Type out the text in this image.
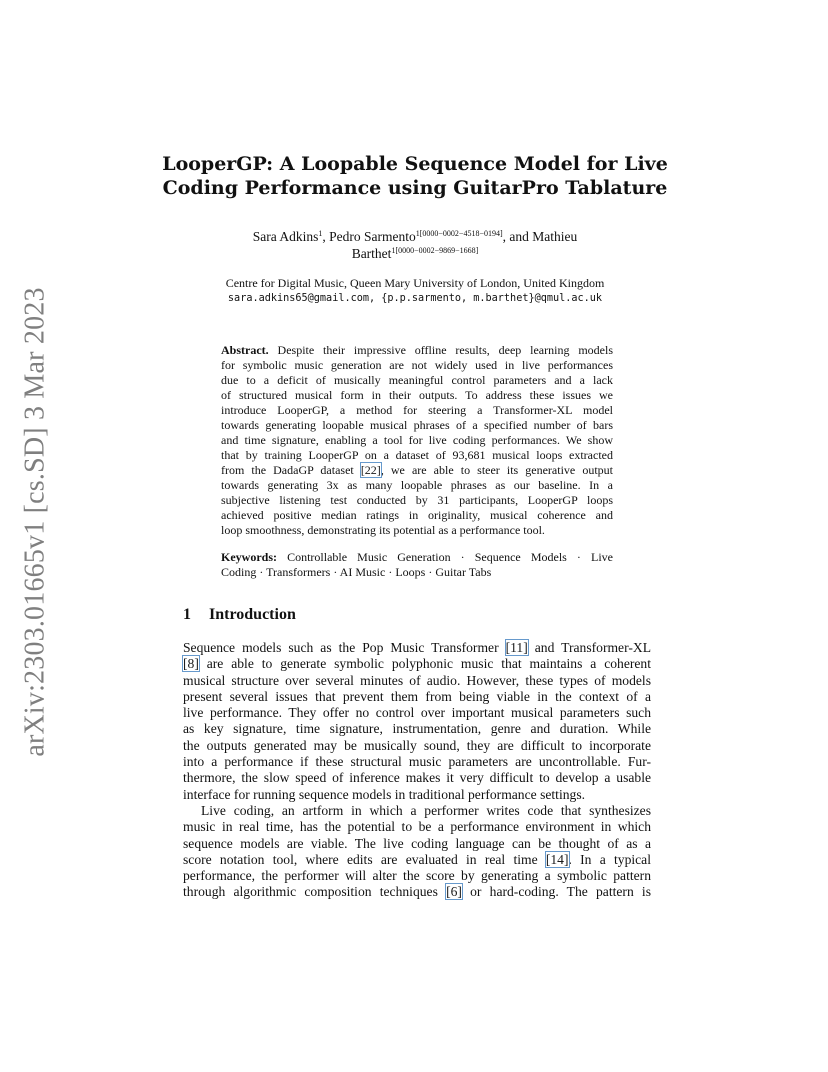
arXiv:2303.01665v1 [cs.SD] 3 Mar 2023
LooperGP: A Loopable Sequence Model for Live
Coding Performance using GuitarPro Tablature
Sara Adkins$^1$, Pedro Sarmento$^{1[0000-0002-4518-0194]}$, and Mathieu
Barthet$^{1[0000-0002-9869-1668]}$
Centre for Digital Music, Queen Mary University of London, United Kingdom
sara.adkins65@gmail.com, {p.p.sarmento, m.barthet}@qmul.ac.uk
Abstract. Despite their impressive offline results, deep learning models
for symbolic music generation are not widely used in live performances
due to a deficit of musically meaningful control parameters and a lack
of structured musical form in their outputs. To address these issues we
introduce LooperGP, a method for steering a Transformer-XL model
towards generating loopable musical phrases of a specified number of bars
and time signature, enabling a tool for live coding performances. We show
that by training LooperGP on a dataset of 93,681 musical loops extracted
from the DadaGP dataset [22], we are able to steer its generative output
towards generating 3x as many loopable phrases as our baseline. In a
subjective listening test conducted by 31 participants, LooperGP loops
achieved positive median ratings in originality, musical coherence and
loop smoothness, demonstrating its potential as a performance tool.
Keywords: Controllable Music Generation · Sequence Models · Live
Coding · Transformers · AI Music · Loops · Guitar Tabs
1 Introduction
Sequence models such as the Pop Music Transformer [11] and Transformer-XL
[8] are able to generate symbolic polyphonic music that maintains a coherent
musical structure over several minutes of audio. However, these types of models
present several issues that prevent them from being viable in the context of a
live performance. They offer no control over important musical parameters such
as key signature, time signature, instrumentation, genre and duration. While
the outputs generated may be musically sound, they are difficult to incorporate
into a performance if these structural music parameters are uncontrollable. Fur-
thermore, the slow speed of inference makes it very difficult to develop a usable
interface for running sequence models in traditional performance settings.
Live coding, an artform in which a performer writes code that synthesizes
music in real time, has the potential to be a performance environment in which
sequence models are viable. The live coding language can be thought of as a
score notation tool, where edits are evaluated in real time [14]. In a typical
performance, the performer will alter the score by generating a symbolic pattern
through algorithmic composition techniques [6] or hard-coding. The pattern is
